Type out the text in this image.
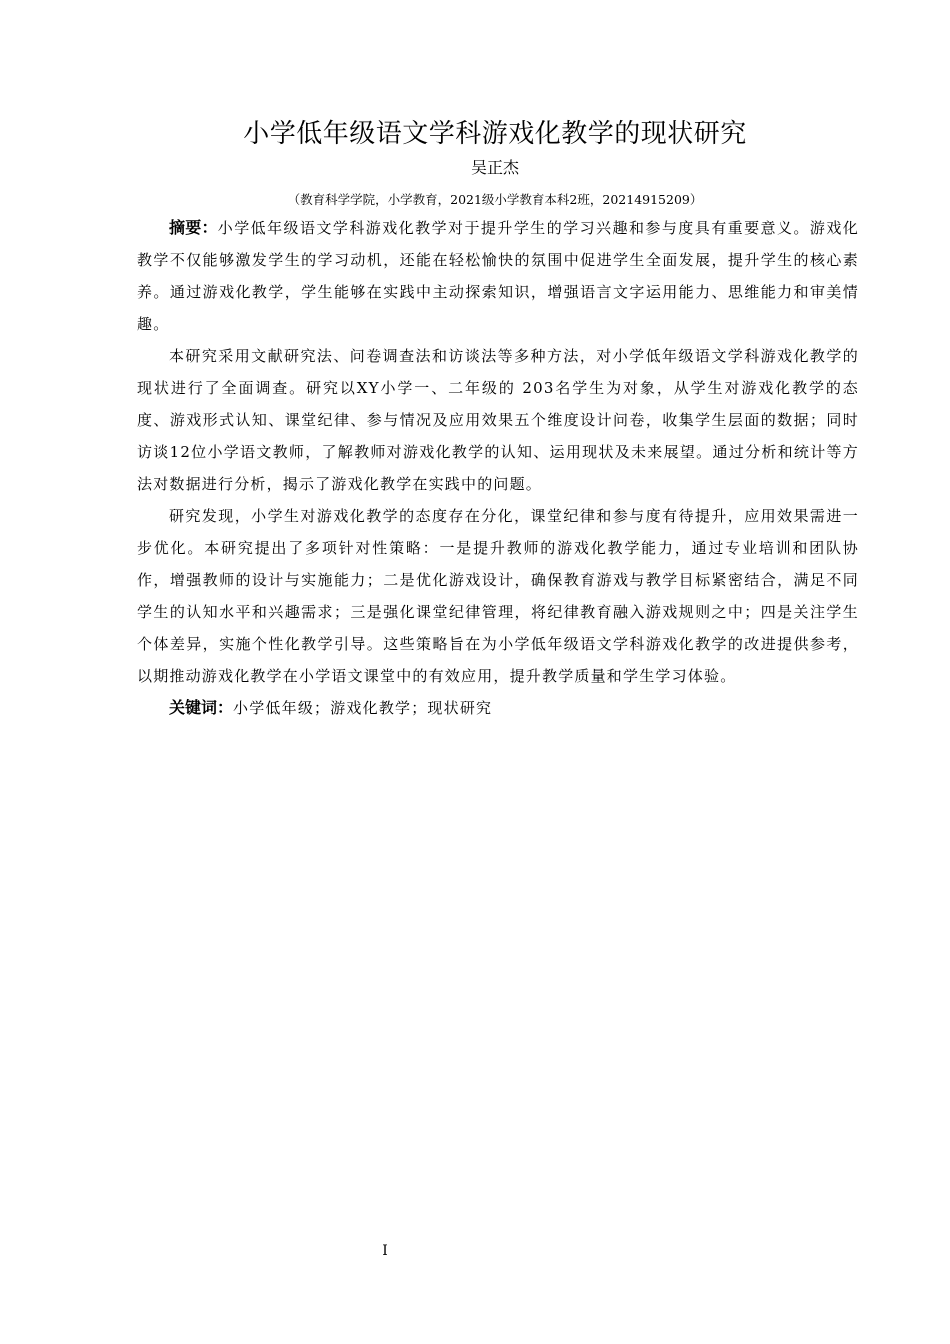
小学低年级语文学科游戏化教学的现状研究
吴正杰
（教育科学学院，小学教育，2021级小学教育本科2班，20214915209）

摘要：小学低年级语文学科游戏化教学对于提升学生的学习兴趣和参与度具有重要意义。游戏化教学不仅能够激发学生的学习动机，还能在轻松愉快的氛围中促进学生全面发展，提升学生的核心素养。通过游戏化教学，学生能够在实践中主动探索知识，增强语言文字运用能力、思维能力和审美情趣。

本研究采用文献研究法、问卷调查法和访谈法等多种方法，对小学低年级语文学科游戏化教学的现状进行了全面调查。研究以XY小学一、二年级的 203名学生为对象，从学生对游戏化教学的态度、游戏形式认知、课堂纪律、参与情况及应用效果五个维度设计问卷，收集学生层面的数据；同时访谈12位小学语文教师，了解教师对游戏化教学的认知、运用现状及未来展望。通过分析和统计等方法对数据进行分析，揭示了游戏化教学在实践中的问题。

研究发现，小学生对游戏化教学的态度存在分化，课堂纪律和参与度有待提升，应用效果需进一步优化。本研究提出了多项针对性策略：一是提升教师的游戏化教学能力，通过专业培训和团队协作，增强教师的设计与实施能力；二是优化游戏设计，确保教育游戏与教学目标紧密结合，满足不同学生的认知水平和兴趣需求；三是强化课堂纪律管理，将纪律教育融入游戏规则之中；四是关注学生个体差异，实施个性化教学引导。这些策略旨在为小学低年级语文学科游戏化教学的改进提供参考，以期推动游戏化教学在小学语文课堂中的有效应用，提升教学质量和学生学习体验。

关键词：小学低年级；游戏化教学；现状研究

I
